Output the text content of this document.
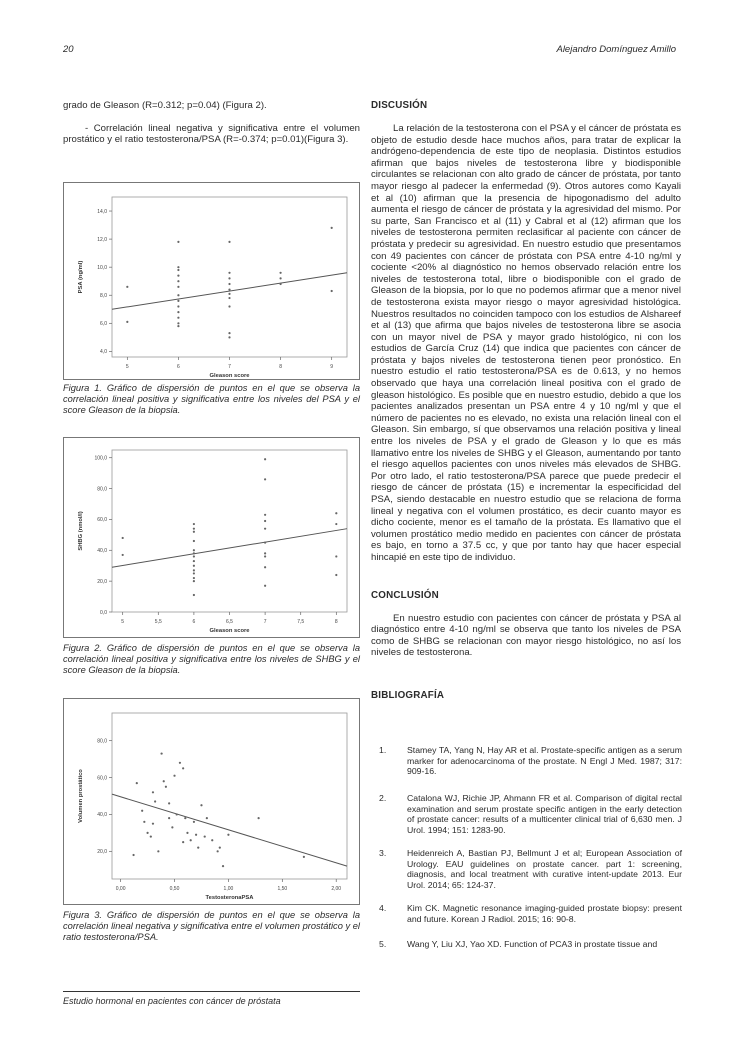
20	Alejandro Domínguez Amillo

grado de Gleason (R=0.312; p=0.04) (Figura 2).

- Correlación lineal negativa y significativa entre el volumen prostático y el ratio testosterona/PSA (R=-0.374; p=0.01)(Figura 3).

5	6	7	8	9
4,0
6,0
8,0
10,0
12,0
14,0
Gleason score
PSA (ng/ml)
Figura 1. Gráfico de dispersión de puntos en el que se observa la correlación lineal positiva y significativa entre los niveles del PSA y el score Gleason de la biopsia.
5	5,5	6	6,5	7	7,5	8
0,0
20,0
40,0
60,0
80,0
100,0
Gleason score
SHBG (nmol/l)
Figura 2. Gráfico de dispersión de puntos en el que se observa la correlación lineal positiva y significativa entre los niveles de SHBG y el score Gleason de la biopsia.
0,00	0,50	1,00	1,50	2,00
20,0
40,0
60,0
80,0
TestosteronaPSA
Volumen prostático
Figura 3. Gráfico de dispersión de puntos en el que se observa la correlación lineal negativa y significativa entre el volumen prostático y el ratio testosterona/PSA.
DISCUSIÓN

La relación de la testosterona con el PSA y el cáncer de próstata es objeto de estudio desde hace muchos años, para tratar de explicar la andrógeno-dependencia de este tipo de neoplasia. Distintos estudios afirman que bajos niveles de testosterona libre y biodisponible circulantes se relacionan con alto grado de cáncer de próstata, por tanto mayor riesgo al padecer la enfermedad (9). Otros autores como Kayali et al (10) afirman que la presencia de hipogonadismo del adulto aumenta el riesgo de cáncer de próstata y la agresividad del mismo. Por su parte, San Francisco et al (11) y Cabral et al (12) afirman que los niveles de testosterona permiten reclasificar al paciente con cáncer de próstata y predecir su agresividad. En nuestro estudio que presentamos con 49 pacientes con cáncer de próstata con PSA entre 4-10 ng/ml y cociente <20% al diagnóstico no hemos observado relación entre los niveles de testosterona total, libre o biodisponible con el grado de Gleason de la biopsia, por lo que no podemos afirmar que a menor nivel de testosterona exista mayor riesgo o mayor agresividad histológica. Nuestros resultados no coinciden tampoco con los estudios de Alshareef et al (13) que afirma que bajos niveles de testosterona libre se asocia con un mayor nivel de PSA y mayor grado histológico, ni con los estudios de García Cruz (14) que indica que pacientes con cáncer de próstata y bajos niveles de testosterona tienen peor pronóstico. En nuestro estudio el ratio testosterona/PSA es de 0.613, y no hemos observado que haya una correlación lineal positiva con el grado de gleason histológico. Es posible que en nuestro estudio, debido a que los pacientes analizados presentan un PSA entre 4 y 10 ng/ml y que el número de pacientes no es elevado, no exista una relación lineal con el Gleason. Sin embargo, sí que observamos una relación positiva y lineal entre los niveles de PSA y el grado de Gleason y lo que es más llamativo entre los niveles de SHBG y el Gleason, aumentando por tanto el riesgo aquellos pacientes con unos niveles más elevados de SHBG. Por otro lado, el ratio testosterona/PSA parece que puede predecir el riesgo de cáncer de próstata (15) e incrementar la especificidad del PSA, siendo destacable en nuestro estudio que se relaciona de forma lineal y negativa con el volumen prostático, es decir cuanto mayor es dicho cociente, menor es el tamaño de la próstata. Es llamativo que el volumen prostático medio medido en pacientes con cáncer de próstata es bajo, en torno a 37.5 cc, y que por tanto hay que hacer especial hincapié en este tipo de individuo.

CONCLUSIÓN

En nuestro estudio con pacientes con cáncer de próstata y PSA al diagnóstico entre 4-10 ng/ml se observa que tanto los niveles de PSA como de SHBG se relacionan con mayor riesgo histológico, no así los niveles de testosterona.

BIBLIOGRAFÍA
1. Stamey TA, Yang N, Hay AR et al. Prostate-specific antigen as a serum marker for adenocarcinoma of the prostate. N Engl J Med. 1987; 317: 909-16.
2. Catalona WJ, Richie JP, Ahmann FR et al. Comparison of digital rectal examination and serum prostate specific antigen in the early detection of prostate cancer: results of a multicenter clinical trial of 6,630 men. J Urol. 1994; 151: 1283-90.
3. Heidenreich A, Bastian PJ, Bellmunt J et al; European Association of Urology. EAU guidelines on prostate cancer. part 1: screening, diagnosis, and local treatment with curative intent-update 2013. Eur Urol. 2014; 65: 124-37.
4. Kim CK. Magnetic resonance imaging-guided prostate biopsy: present and future. Korean J Radiol. 2015; 16: 90-8.
5. Wang Y, Liu XJ, Yao XD. Function of PCA3 in prostate tissue and
Estudio hormonal en pacientes con cáncer de próstata
